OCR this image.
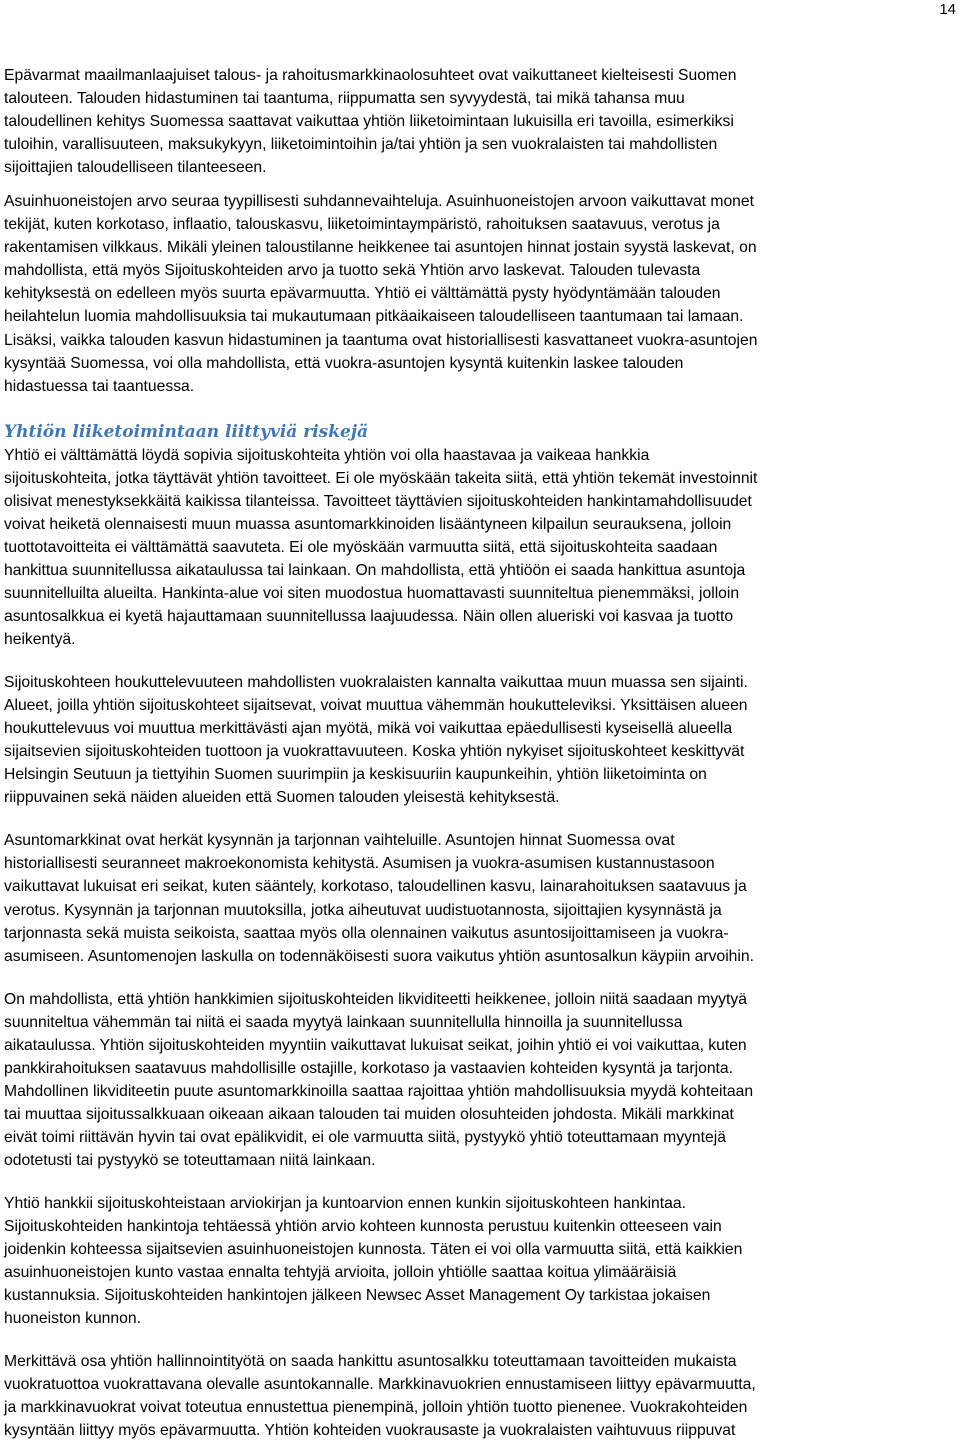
14

Epävarmat maailmanlaajuiset talous- ja rahoitusmarkkinaolosuhteet ovat vaikuttaneet kielteisesti Suomen
talouteen. Talouden hidastuminen tai taantuma, riippumatta sen syvyydestä, tai mikä tahansa muu
taloudellinen kehitys Suomessa saattavat vaikuttaa yhtiön liiketoimintaan lukuisilla eri tavoilla, esimerkiksi
tuloihin, varallisuuteen, maksukykyyn, liiketoimintoihin ja/tai yhtiön ja sen vuokralaisten tai mahdollisten
sijoittajien taloudelliseen tilanteeseen.

Asuinhuoneistojen arvo seuraa tyypillisesti suhdannevaihteluja. Asuinhuoneistojen arvoon vaikuttavat monet
tekijät, kuten korkotaso, inflaatio, talouskasvu, liiketoimintaympäristö, rahoituksen saatavuus, verotus ja
rakentamisen vilkkaus. Mikäli yleinen taloustilanne heikkenee tai asuntojen hinnat jostain syystä laskevat, on
mahdollista, että myös Sijoituskohteiden arvo ja tuotto sekä Yhtiön arvo laskevat. Talouden tulevasta
kehityksestä on edelleen myös suurta epävarmuutta. Yhtiö ei välttämättä pysty hyödyntämään talouden
heilahtelun luomia mahdollisuuksia tai mukautumaan pitkäaikaiseen taloudelliseen taantumaan tai lamaan.
Lisäksi, vaikka talouden kasvun hidastuminen ja taantuma ovat historiallisesti kasvattaneet vuokra-asuntojen
kysyntää Suomessa, voi olla mahdollista, että vuokra-asuntojen kysyntä kuitenkin laskee talouden
hidastuessa tai taantuessa.

Yhtiön liiketoimintaan liittyviä riskejä

Yhtiö ei välttämättä löydä sopivia sijoituskohteita yhtiön voi olla haastavaa ja vaikeaa hankkia
sijoituskohteita, jotka täyttävät yhtiön tavoitteet. Ei ole myöskään takeita siitä, että yhtiön tekemät investoinnit
olisivat menestyksekkäitä kaikissa tilanteissa. Tavoitteet täyttävien sijoituskohteiden hankintamahdollisuudet
voivat heiketä olennaisesti muun muassa asuntomarkkinoiden lisääntyneen kilpailun seurauksena, jolloin
tuottotavoitteita ei välttämättä saavuteta. Ei ole myöskään varmuutta siitä, että sijoituskohteita saadaan
hankittua suunnitellussa aikataulussa tai lainkaan. On mahdollista, että yhtiöön ei saada hankittua asuntoja
suunnitelluilta alueilta. Hankinta-alue voi siten muodostua huomattavasti suunniteltua pienemmäksi, jolloin
asuntosalkkua ei kyetä hajauttamaan suunnitellussa laajuudessa. Näin ollen alueriski voi kasvaa ja tuotto
heikentyä.

Sijoituskohteen houkuttelevuuteen mahdollisten vuokralaisten kannalta vaikuttaa muun muassa sen sijainti.
Alueet, joilla yhtiön sijoituskohteet sijaitsevat, voivat muuttua vähemmän houkutteleviksi. Yksittäisen alueen
houkuttelevuus voi muuttua merkittävästi ajan myötä, mikä voi vaikuttaa epäedullisesti kyseisellä alueella
sijaitsevien sijoituskohteiden tuottoon ja vuokrattavuuteen. Koska yhtiön nykyiset sijoituskohteet keskittyvät
Helsingin Seutuun ja tiettyihin Suomen suurimpiin ja keskisuuriin kaupunkeihin, yhtiön liiketoiminta on
riippuvainen sekä näiden alueiden että Suomen talouden yleisestä kehityksestä.

Asuntomarkkinat ovat herkät kysynnän ja tarjonnan vaihteluille. Asuntojen hinnat Suomessa ovat
historiallisesti seuranneet makroekonomista kehitystä. Asumisen ja vuokra-asumisen kustannustasoon
vaikuttavat lukuisat eri seikat, kuten sääntely, korkotaso, taloudellinen kasvu, lainarahoituksen saatavuus ja
verotus. Kysynnän ja tarjonnan muutoksilla, jotka aiheutuvat uudistuotannosta, sijoittajien kysynnästä ja
tarjonnasta sekä muista seikoista, saattaa myös olla olennainen vaikutus asuntosijoittamiseen ja vuokra-
asumiseen. Asuntomenojen laskulla on todennäköisesti suora vaikutus yhtiön asuntosalkun käypiin arvoihin.

On mahdollista, että yhtiön hankkimien sijoituskohteiden likviditeetti heikkenee, jolloin niitä saadaan myytyä
suunniteltua vähemmän tai niitä ei saada myytyä lainkaan suunnitellulla hinnoilla ja suunnitellussa
aikataulussa. Yhtiön sijoituskohteiden myyntiin vaikuttavat lukuisat seikat, joihin yhtiö ei voi vaikuttaa, kuten
pankkirahoituksen saatavuus mahdollisille ostajille, korkotaso ja vastaavien kohteiden kysyntä ja tarjonta.
Mahdollinen likviditeetin puute asuntomarkkinoilla saattaa rajoittaa yhtiön mahdollisuuksia myydä kohteitaan
tai muuttaa sijoitussalkkuaan oikeaan aikaan talouden tai muiden olosuhteiden johdosta. Mikäli markkinat
eivät toimi riittävän hyvin tai ovat epälikvidit, ei ole varmuutta siitä, pystyykö yhtiö toteuttamaan myyntejä
odotetusti tai pystyykö se toteuttamaan niitä lainkaan.

Yhtiö hankkii sijoituskohteistaan arviokirjan ja kuntoarvion ennen kunkin sijoituskohteen hankintaa.
Sijoituskohteiden hankintoja tehtäessä yhtiön arvio kohteen kunnosta perustuu kuitenkin otteeseen vain
joidenkin kohteessa sijaitsevien asuinhuoneistojen kunnosta. Täten ei voi olla varmuutta siitä, että kaikkien
asuinhuoneistojen kunto vastaa ennalta tehtyjä arvioita, jolloin yhtiölle saattaa koitua ylimääräisiä
kustannuksia. Sijoituskohteiden hankintojen jälkeen Newsec Asset Management Oy tarkistaa jokaisen
huoneiston kunnon.

Merkittävä osa yhtiön hallinnointityötä on saada hankittu asuntosalkku toteuttamaan tavoitteiden mukaista
vuokratuottoa vuokrattavana olevalle asuntokannalle. Markkinavuokrien ennustamiseen liittyy epävarmuutta,
ja markkinavuokrat voivat toteutua ennustettua pienempinä, jolloin yhtiön tuotto pienenee. Vuokrakohteiden
kysyntään liittyy myös epävarmuutta. Yhtiön kohteiden vuokrausaste ja vuokralaisten vaihtuvuus riippuvat
